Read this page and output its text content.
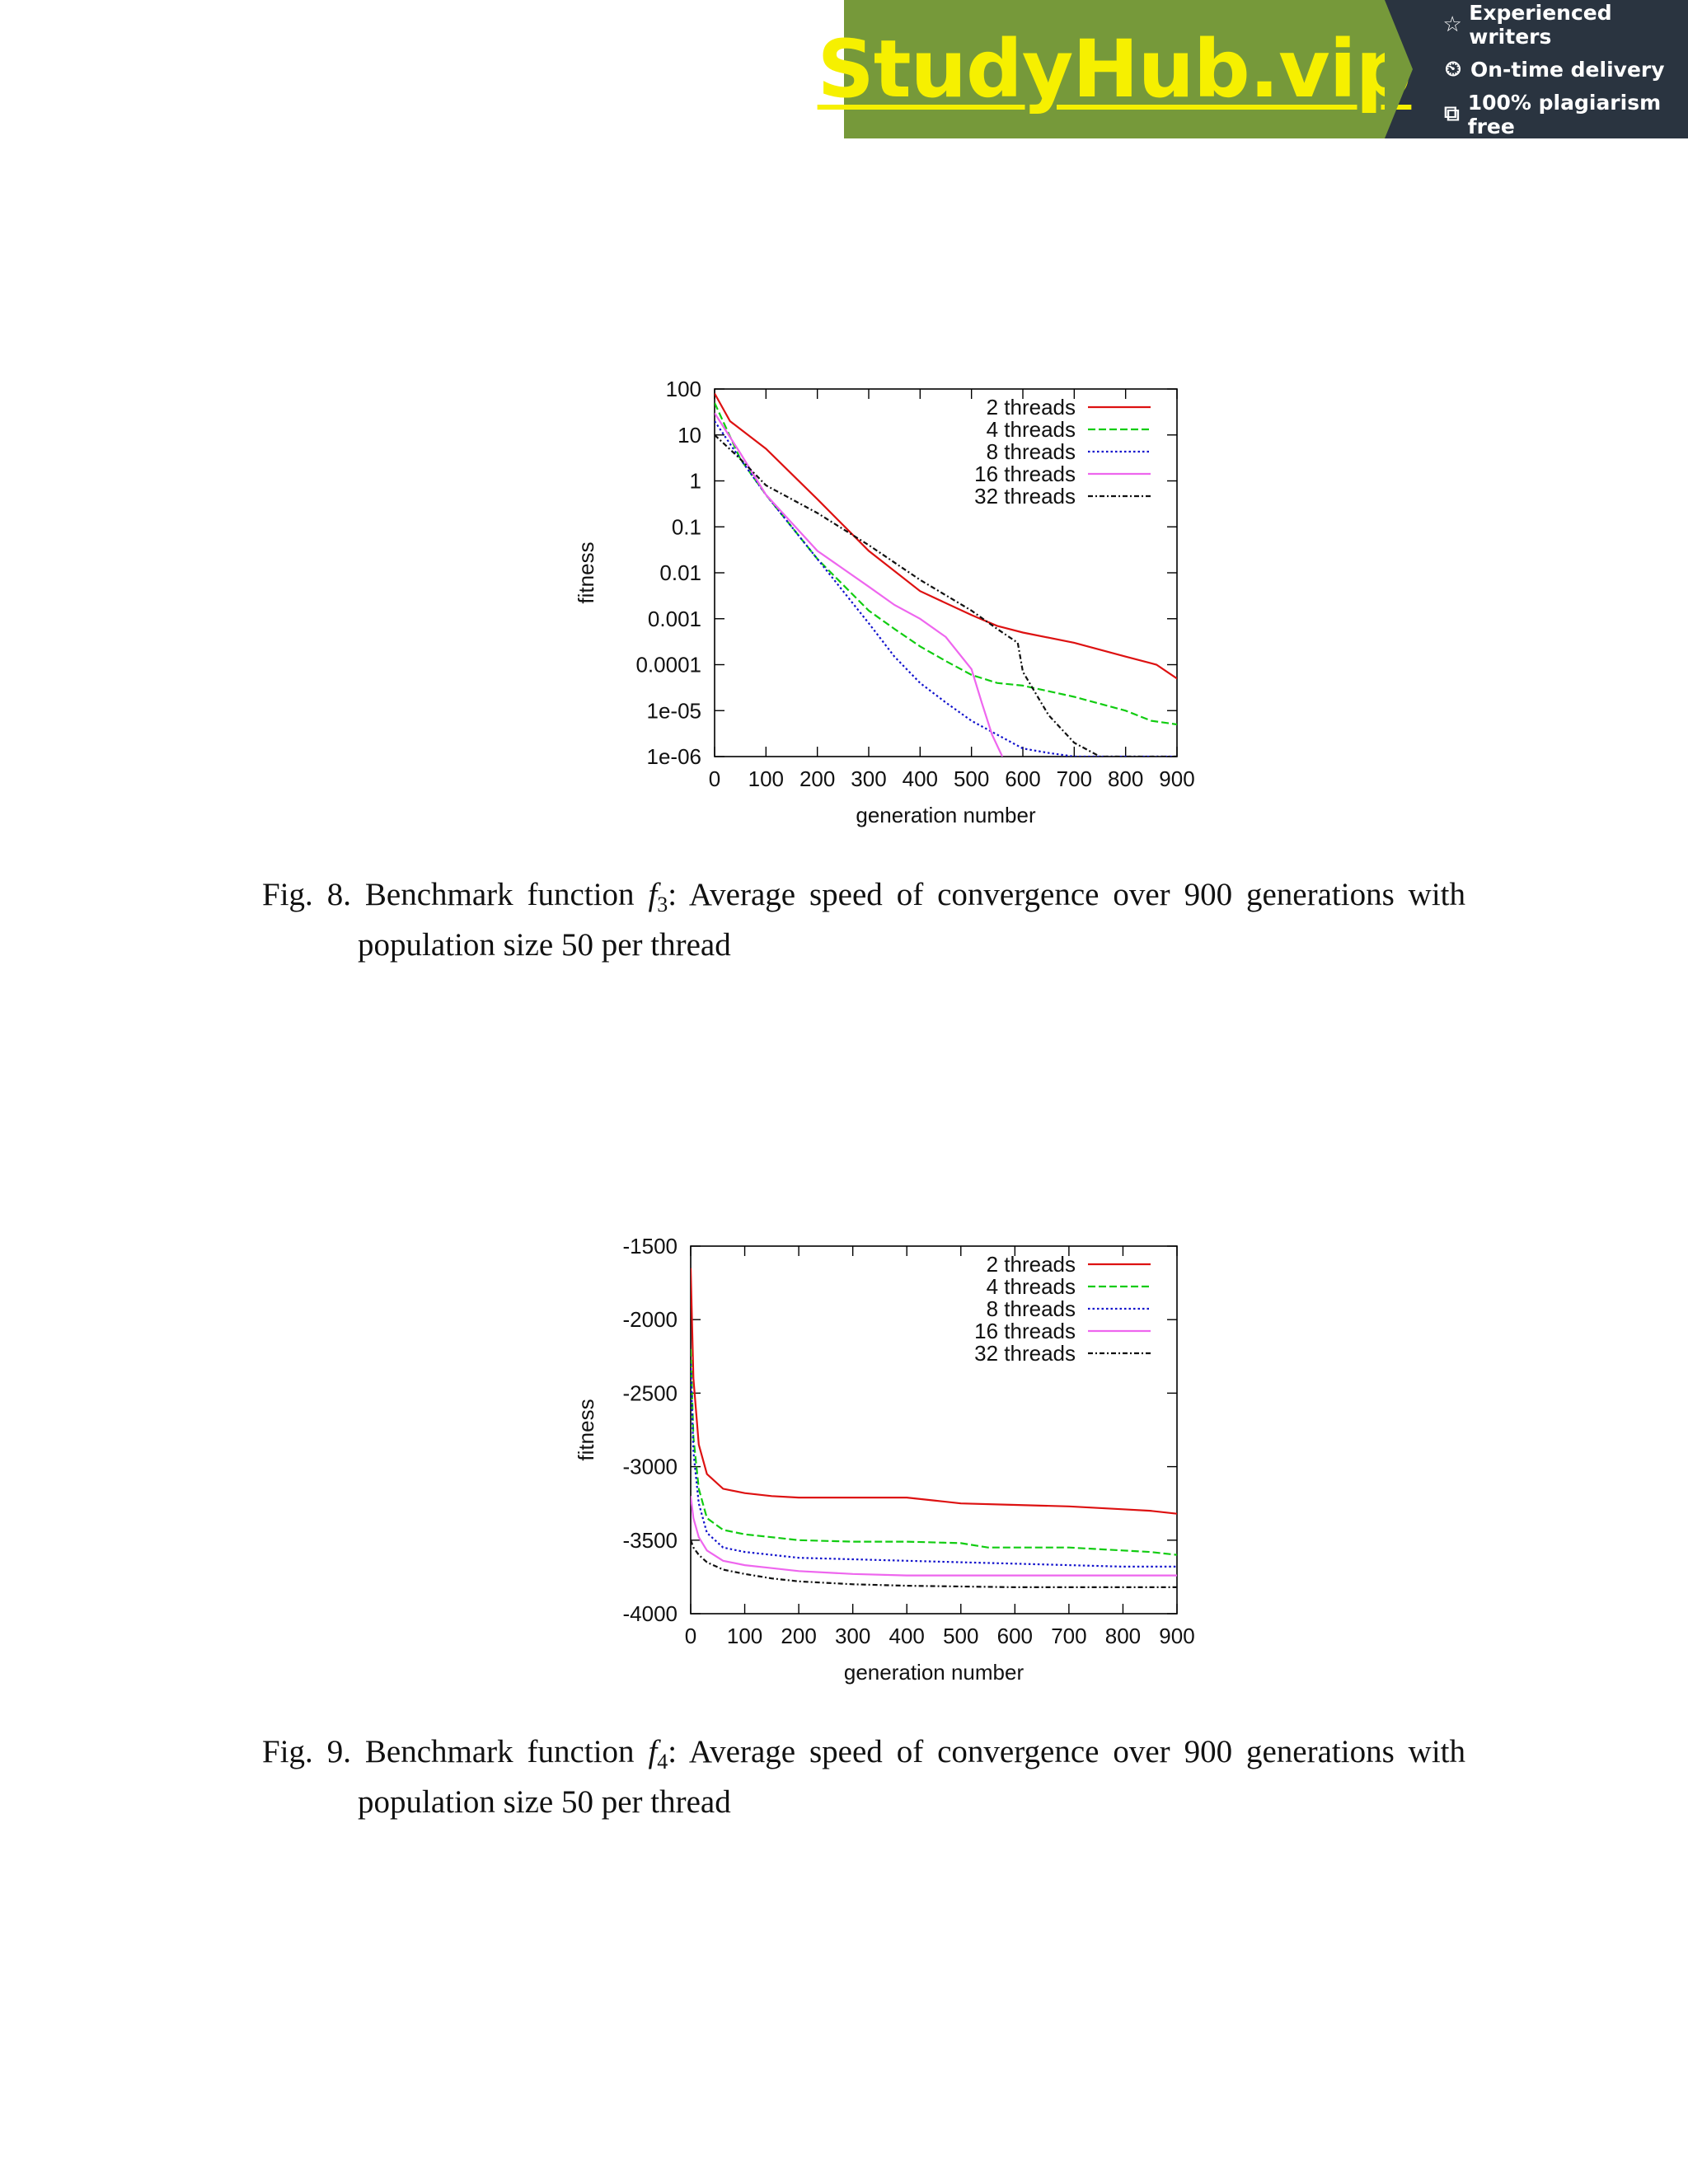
StudyHub.vip ☆ Experienced writers
⏲ On-time delivery
⧉ 100% plagiarism free
0 100 200 300 400 500 600 700 800 900
100
10
1
0.1
0.01
0.001
0.0001
1e-05
1e-06
generation number
fitness
2 threads
4 threads
8 threads
16 threads
32 threads
Fig. 8. Benchmark function $f_3$: Average speed of convergence over 900 generations with
population size 50 per thread
0 100 200 300 400 500 600 700 800 900
-1500
-2000
-2500
-3000
-3500
-4000
generation number
fitness
2 threads
4 threads
8 threads
16 threads
32 threads
Fig. 9. Benchmark function $f_4$: Average speed of convergence over 900 generations with
population size 50 per thread
